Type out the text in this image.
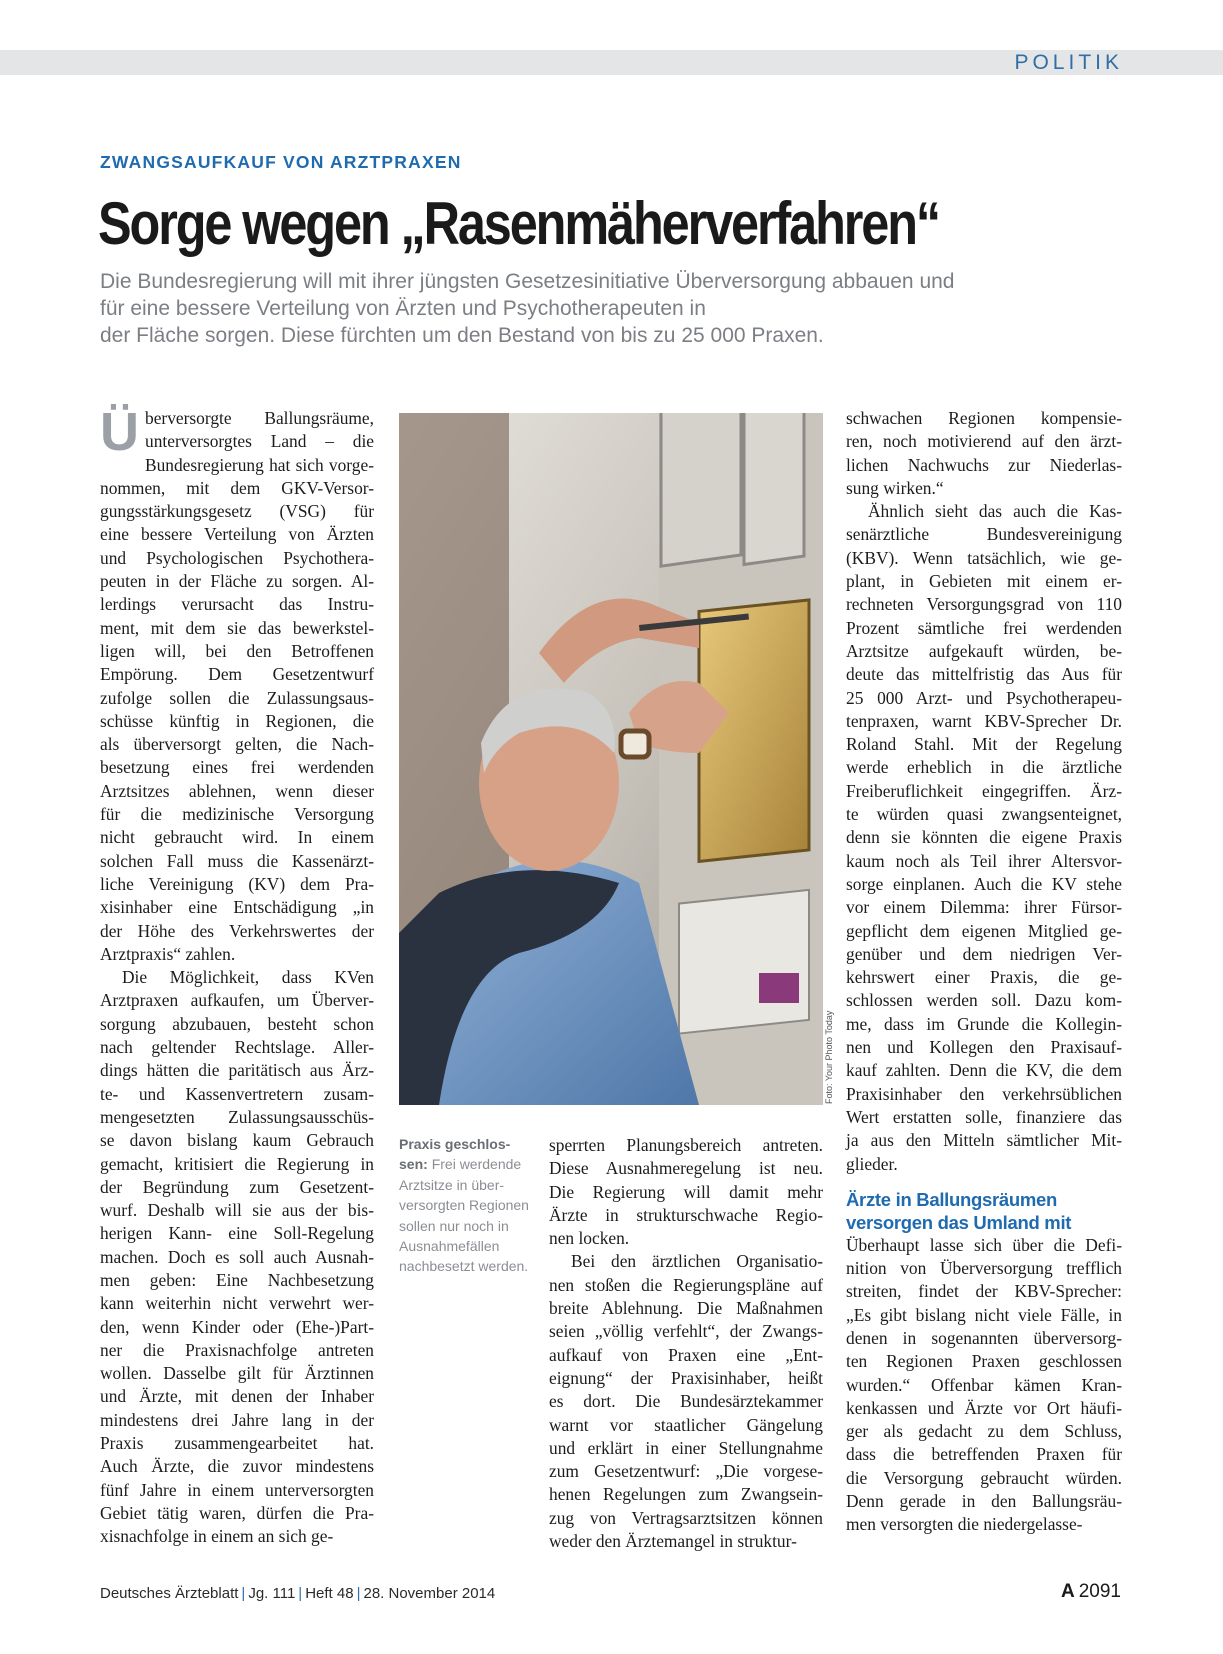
POLITIK
ZWANGSAUFKAUF VON ARZTPRAXEN
Sorge wegen „Rasenmäherverfahren“
Die Bundesregierung will mit ihrer jüngsten Gesetzesinitiative Überversorgung abbauen und
für eine bessere Verteilung von Ärzten und Psychotherapeuten in
der Fläche sorgen. Diese fürchten um den Bestand von bis zu 25 000 Praxen.
Ü berversorgte Ballungsräume,
unterversorgtes Land – die
Bundesregierung hat sich vorge-
nommen, mit dem GKV-Versor-
gungsstärkungsgesetz (VSG) für
eine bessere Verteilung von Ärzten
und Psychologischen Psychothera-
peuten in der Fläche zu sorgen. Al-
lerdings verursacht das Instru-
ment, mit dem sie das bewerkstel-
ligen will, bei den Betroffenen
Empörung. Dem Gesetzentwurf
zufolge sollen die Zulassungsaus-
schüsse künftig in Regionen, die
als überversorgt gelten, die Nach-
besetzung eines frei werdenden
Arztsitzes ablehnen, wenn dieser
für die medizinische Versorgung
nicht gebraucht wird. In einem
solchen Fall muss die Kassenärzt-
liche Vereinigung (KV) dem Pra-
xisinhaber eine Entschädigung „in
der Höhe des Verkehrswertes der
Arztpraxis“ zahlen.
Die Möglichkeit, dass KVen
Arztpraxen aufkaufen, um Überver-
sorgung abzubauen, besteht schon
nach geltender Rechtslage. Aller-
dings hätten die paritätisch aus Ärz-
te- und Kassenvertretern zusam-
mengesetzten Zulassungsausschüs-
se davon bislang kaum Gebrauch
gemacht, kritisiert die Regierung in
der Begründung zum Gesetzent-
wurf. Deshalb will sie aus der bis-
herigen Kann- eine Soll-Regelung
machen. Doch es soll auch Ausnah-
men geben: Eine Nachbesetzung
kann weiterhin nicht verwehrt wer-
den, wenn Kinder oder (Ehe-)Part-
ner die Praxisnachfolge antreten
wollen. Dasselbe gilt für Ärztinnen
und Ärzte, mit denen der Inhaber
mindestens drei Jahre lang in der
Praxis zusammengearbeitet hat.
Auch Ärzte, die zuvor mindestens
fünf Jahre in einem unterversorgten
Gebiet tätig waren, dürfen die Pra-
xisnachfolge in einem an sich ge-
Foto: Your Photo Today
Praxis geschlos-
sen: Frei werdende
Arztsitze in über-
versorgten Regionen
sollen nur noch in
Ausnahmefällen
nachbesetzt werden.
sperrten Planungsbereich antreten.
Diese Ausnahmeregelung ist neu.
Die Regierung will damit mehr
Ärzte in strukturschwache Regio-
nen locken.
Bei den ärztlichen Organisatio-
nen stoßen die Regierungspläne auf
breite Ablehnung. Die Maßnahmen
seien „völlig verfehlt“, der Zwangs-
aufkauf von Praxen eine „Ent-
eignung“ der Praxisinhaber, heißt
es dort. Die Bundesärztekammer
warnt vor staatlicher Gängelung
und erklärt in einer Stellungnahme
zum Gesetzentwurf: „Die vorgese-
henen Regelungen zum Zwangsein-
zug von Vertragsarztsitzen können
weder den Ärztemangel in struktur-
schwachen Regionen kompensie-
ren, noch motivierend auf den ärzt-
lichen Nachwuchs zur Niederlas-
sung wirken.“
Ähnlich sieht das auch die Kas-
senärztliche Bundesvereinigung
(KBV). Wenn tatsächlich, wie ge-
plant, in Gebieten mit einem er-
rechneten Versorgungsgrad von 110
Prozent sämtliche frei werdenden
Arztsitze aufgekauft würden, be-
deute das mittelfristig das Aus für
25 000 Arzt- und Psychotherapeu-
tenpraxen, warnt KBV-Sprecher Dr.
Roland Stahl. Mit der Regelung
werde erheblich in die ärztliche
Freiberuflichkeit eingegriffen. Ärz-
te würden quasi zwangsenteignet,
denn sie könnten die eigene Praxis
kaum noch als Teil ihrer Altersvor-
sorge einplanen. Auch die KV stehe
vor einem Dilemma: ihrer Fürsor-
gepflicht dem eigenen Mitglied ge-
genüber und dem niedrigen Ver-
kehrswert einer Praxis, die ge-
schlossen werden soll. Dazu kom-
me, dass im Grunde die Kollegin-
nen und Kollegen den Praxisauf-
kauf zahlten. Denn die KV, die dem
Praxisinhaber den verkehrsüblichen
Wert erstatten solle, finanziere das
ja aus den Mitteln sämtlicher Mit-
glieder.
Ärzte in Ballungsräumen
versorgen das Umland mit
Überhaupt lasse sich über die Defi-
nition von Überversorgung trefflich
streiten, findet der KBV-Sprecher:
„Es gibt bislang nicht viele Fälle, in
denen in sogenannten überversorg-
ten Regionen Praxen geschlossen
wurden.“ Offenbar kämen Kran-
kenkassen und Ärzte vor Ort häufi-
ger als gedacht zu dem Schluss,
dass die betreffenden Praxen für
die Versorgung gebraucht würden.
Denn gerade in den Ballungsräu-
men versorgten die niedergelasse-
Deutsches Ärzteblatt | Jg. 111 | Heft 48 | 28. November 2014	A 2091
